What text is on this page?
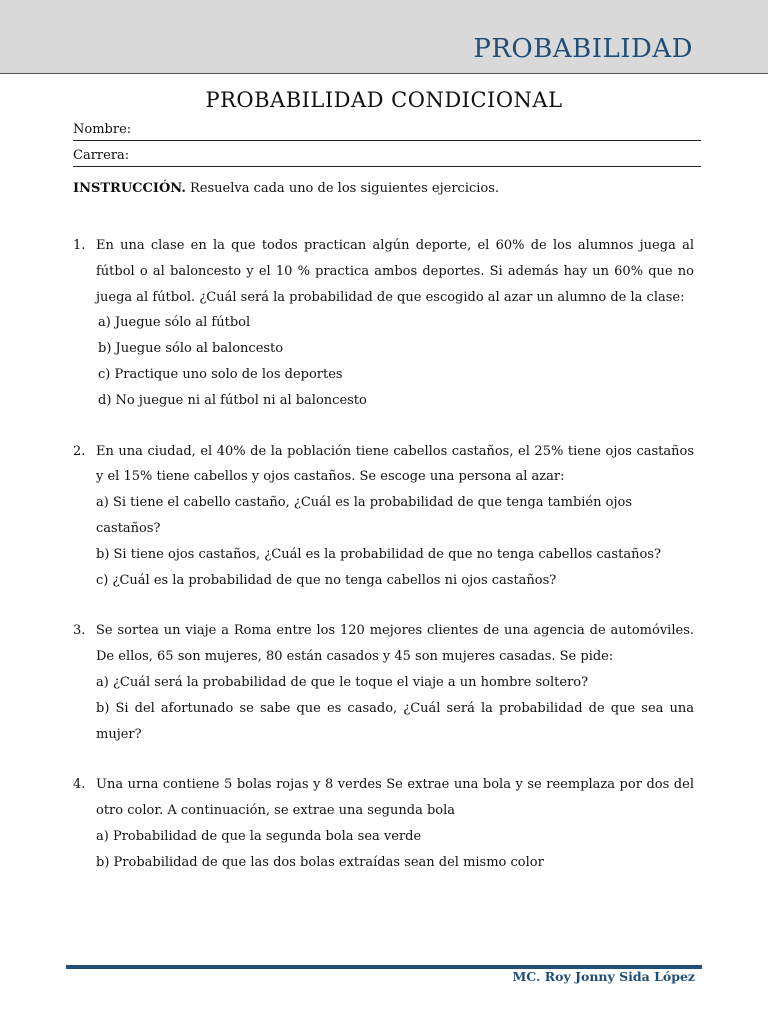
PROBABILIDAD
PROBABILIDAD CONDICIONAL
Nombre:
Carrera:
INSTRUCCIÓN. Resuelva cada uno de los siguientes ejercicios.
1. En una clase en la que todos practican algún deporte, el 60% de los alumnos juega al fútbol o al baloncesto y el 10 % practica ambos deportes. Si además hay un 60% que no juega al fútbol. ¿Cuál será la probabilidad de que escogido al azar un alumno de la clase:
a) Juegue sólo al fútbol
b) Juegue sólo al baloncesto
c) Practique uno solo de los deportes
d) No juegue ni al fútbol ni al baloncesto
2. En una ciudad, el 40% de la población tiene cabellos castaños, el 25% tiene ojos castaños y el 15% tiene cabellos y ojos castaños. Se escoge una persona al azar:
a) Si tiene el cabello castaño, ¿Cuál es la probabilidad de que tenga también ojos castaños?
b) Si tiene ojos castaños, ¿Cuál es la probabilidad de que no tenga cabellos castaños?
c) ¿Cuál es la probabilidad de que no tenga cabellos ni ojos castaños?
3. Se sortea un viaje a Roma entre los 120 mejores clientes de una agencia de automóviles. De ellos, 65 son mujeres, 80 están casados y 45 son mujeres casadas. Se pide:
a) ¿Cuál será la probabilidad de que le toque el viaje a un hombre soltero?
b) Si del afortunado se sabe que es casado, ¿Cuál será la probabilidad de que sea una mujer?
4. Una urna contiene 5 bolas rojas y 8 verdes Se extrae una bola y se reemplaza por dos del otro color. A continuación, se extrae una segunda bola
a) Probabilidad de que la segunda bola sea verde
b) Probabilidad de que las dos bolas extraídas sean del mismo color
MC. Roy Jonny Sida López
